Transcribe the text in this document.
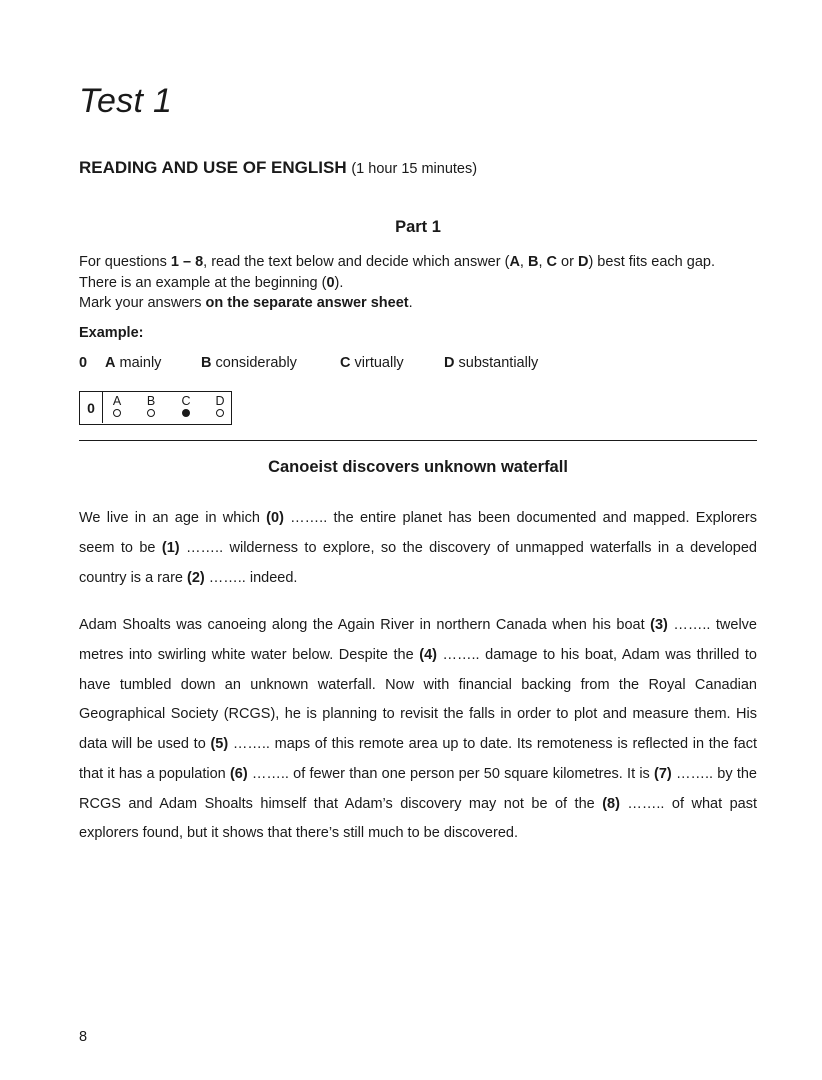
Test 1
READING AND USE OF ENGLISH (1 hour 15 minutes)
Part 1

For questions 1 – 8, read the text below and decide which answer (A, B, C or D) best fits each gap.

There is an example at the beginning (0).

Mark your answers on the separate answer sheet.

Example:

0 A mainly	B considerably	C virtually	D substantially

0	A B C D
Canoeist discovers unknown waterfall

We live in an age in which (0) …….. the entire planet has been documented and mapped. Explorers seem to be (1) …….. wilderness to explore, so the discovery of unmapped waterfalls in a developed country is a rare (2) …….. indeed.

Adam Shoalts was canoeing along the Again River in northern Canada when his boat (3) …….. twelve metres into swirling white water below. Despite the (4) …….. damage to his boat, Adam was thrilled to have tumbled down an unknown waterfall. Now with financial backing from the Royal Canadian Geographical Society (RCGS), he is planning to revisit the falls in order to plot and measure them. His data will be used to (5) …….. maps of this remote area up to date. Its remoteness is reflected in the fact that it has a population (6) …….. of fewer than one person per 50 square kilometres. It is (7) …….. by the RCGS and Adam Shoalts himself that Adam’s discovery may not be of the (8) …….. of what past explorers found, but it shows that there’s still much to be discovered.

8
